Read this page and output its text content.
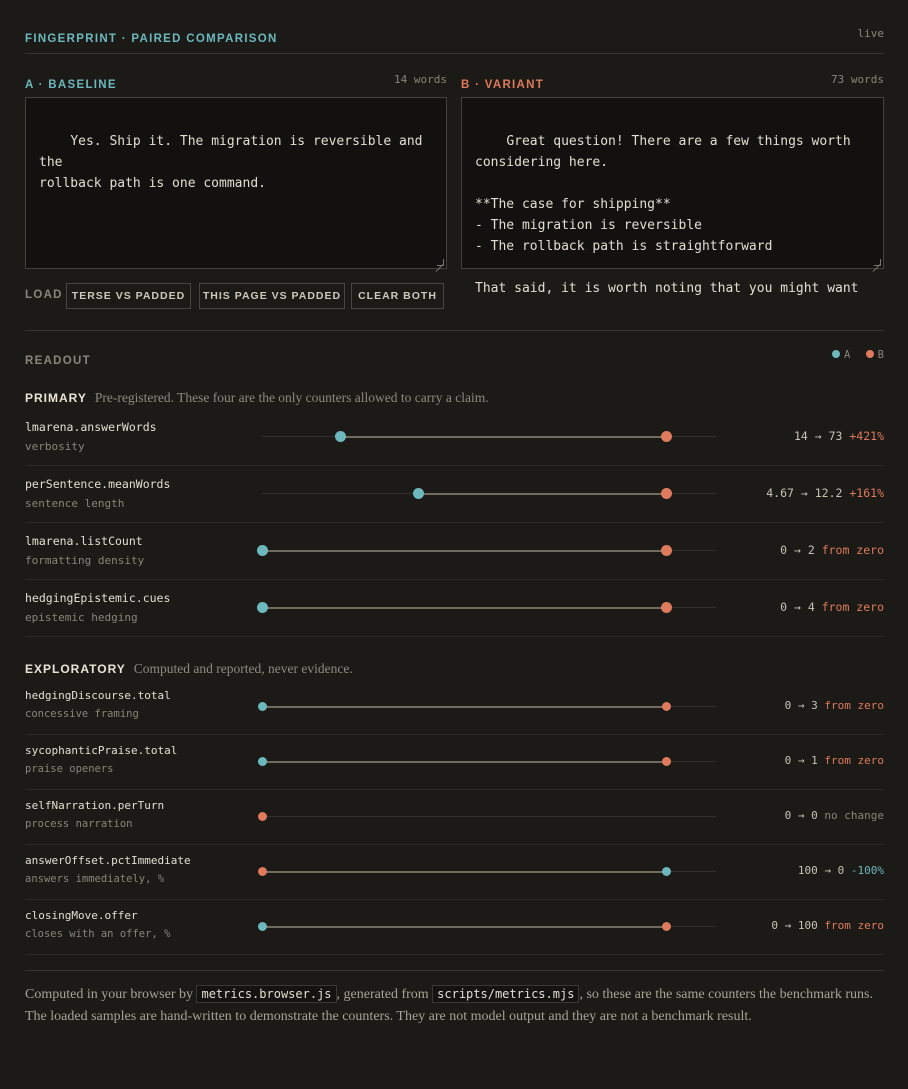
FINGERPRINT · PAIRED COMPARISON	live
A · BASELINE	14 words

Yes. Ship it. The migration is reversible and the
rollback path is one command.

B · VARIANT	73 words

Great question! There are a few things worth
considering here.

**The case for shipping**
- The migration is reversible
- The rollback path is straightforward

That said, it is worth noting that you might want

LOAD TERSE VS PADDED	THIS PAGE VS PADDED	CLEAR BOTH
READOUT	A	B
PRIMARY Pre-registered. These four are the only counters allowed to carry a claim.
lmarena.answerWords
verbosity
14 → 73 +421%
perSentence.meanWords
sentence length
4.67 → 12.2 +161%
lmarena.listCount
formatting density
0 → 2 from zero
hedgingEpistemic.cues
epistemic hedging
0 → 4 from zero
EXPLORATORY Computed and reported, never evidence.
hedgingDiscourse.total
concessive framing
0 → 3 from zero
sycophanticPraise.total
praise openers
0 → 1 from zero
selfNarration.perTurn
process narration
0 → 0 no change
answerOffset.pctImmediate
answers immediately, %
100 → 0 -100%
closingMove.offer
closes with an offer, %
0 → 100 from zero
Computed in your browser by metrics.browser.js , generated from scripts/metrics.mjs , so these are the same counters the benchmark runs. The loaded samples are hand-written to demonstrate the counters. They are not model output and they are not a benchmark result.
